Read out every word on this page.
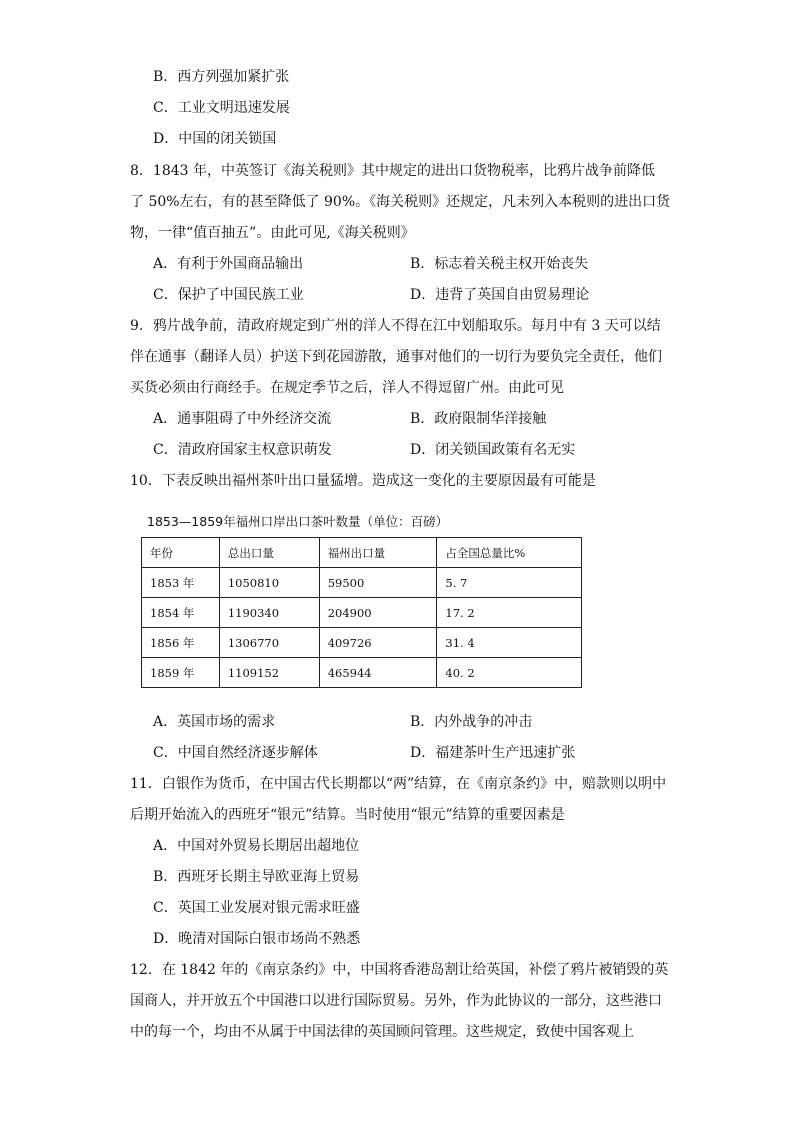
B．西方列强加紧扩张
C．工业文明迅速发展
D．中国的闭关锁国
8．1843 年，中英签订《海关税则》其中规定的进出口货物税率，比鸦片战争前降低
了 50%左右，有的甚至降低了 90%。《海关税则》还规定，凡未列入本税则的进出口货
物，一律“值百抽五”。由此可见,《海关税则》
A．有利于外国商品输出	B．标志着关税主权开始丧失
C．保护了中国民族工业	D．违背了英国自由贸易理论
9．鸦片战争前，清政府规定到广州的洋人不得在江中划船取乐。每月中有 3 天可以结
伴在通事（翻译人员）护送下到花园游散，通事对他们的一切行为要负完全责任，他们
买货必须由行商经手。在规定季节之后，洋人不得逗留广州。由此可见
A．通事阻碍了中外经济交流	B．政府限制华洋接触
C．清政府国家主权意识萌发	D．闭关锁国政策有名无实
10．下表反映出福州茶叶出口量猛增。造成这一变化的主要原因最有可能是
1853—1859年福州口岸出口茶叶数量（单位：百磅）
年份	总出口量	福州出口量	占全国总量比%
1853 年	1050810	59500	5. 7
1854 年	1190340	204900	17. 2
1856 年	1306770	409726	31. 4
1859 年	1109152	465944	40. 2
A．英国市场的需求	B．内外战争的冲击
C．中国自然经济逐步解体	D．福建茶叶生产迅速扩张
11．白银作为货币，在中国古代长期都以“两”结算，在《南京条约》中，赔款则以明中
后期开始流入的西班牙“银元”结算。当时使用“银元”结算的重要因素是
A．中国对外贸易长期居出超地位
B．西班牙长期主导欧亚海上贸易
C．英国工业发展对银元需求旺盛
D．晚清对国际白银市场尚不熟悉
12．在 1842 年的《南京条约》中，中国将香港岛割让给英国，补偿了鸦片被销毁的英
国商人，并开放五个中国港口以进行国际贸易。另外，作为此协议的一部分，这些港口
中的每一个，均由不从属于中国法律的英国顾问管理。这些规定，致使中国客观上
